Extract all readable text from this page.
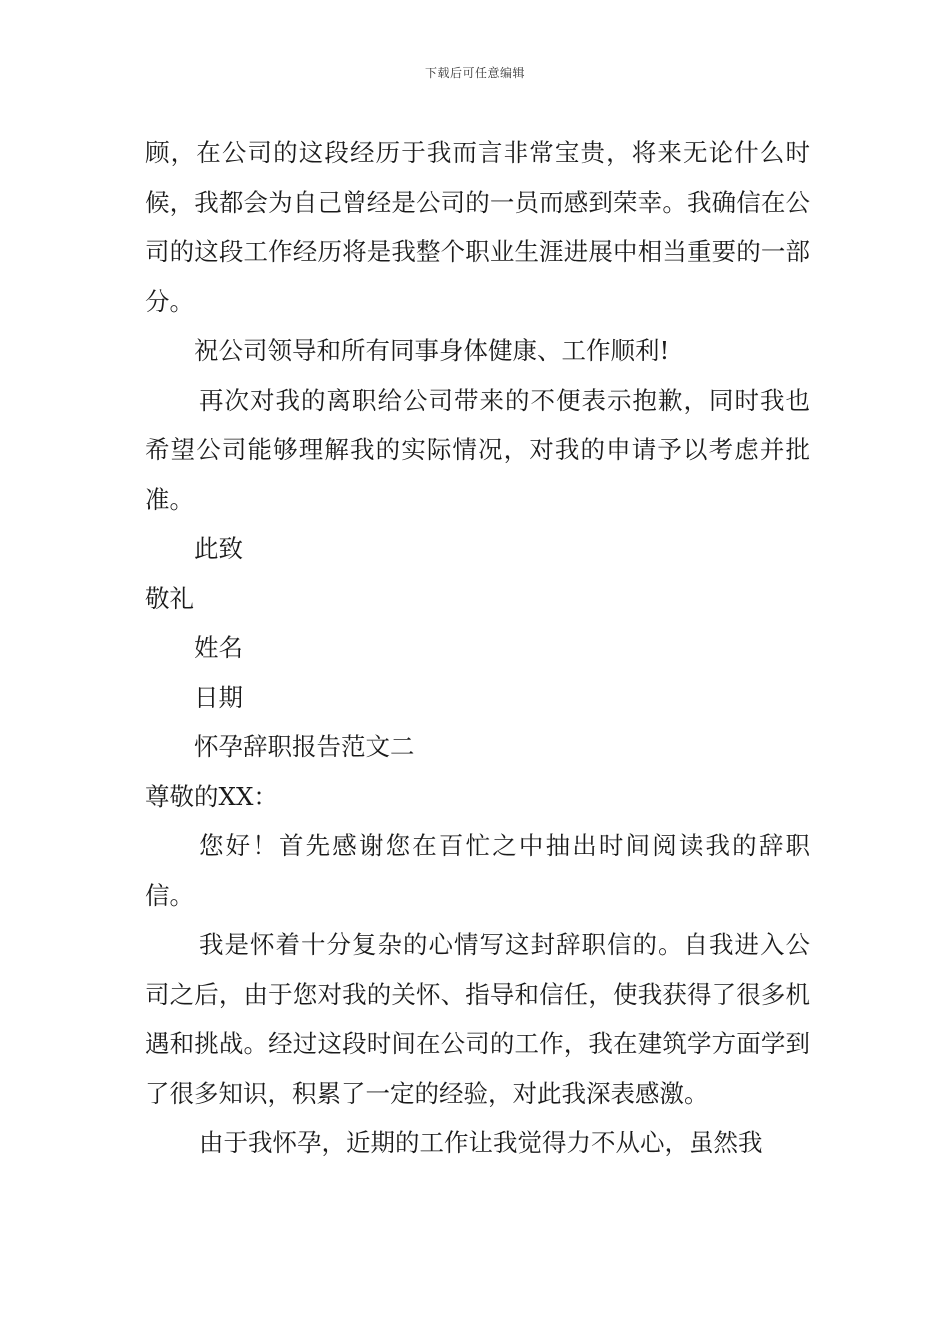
下载后可任意编辑

顾，在公司的这段经历于我而言非常宝贵，将来无论什么时候，我都会为自己曾经是公司的一员而感到荣幸。我确信在公司的这段工作经历将是我整个职业生涯进展中相当重要的一部分。

祝公司领导和所有同事身体健康、工作顺利!

再次对我的离职给公司带来的不便表示抱歉，同时我也希望公司能够理解我的实际情况，对我的申请予以考虑并批准。

此致

敬礼

姓名

日期

怀孕辞职报告范文二

尊敬的XX：

您好！首先感谢您在百忙之中抽出时间阅读我的辞职信。

我是怀着十分复杂的心情写这封辞职信的。自我进入公司之后，由于您对我的关怀、指导和信任，使我获得了很多机遇和挑战。经过这段时间在公司的工作，我在建筑学方面学到了很多知识，积累了一定的经验，对此我深表感激。

由于我怀孕，近期的工作让我觉得力不从心，虽然我
